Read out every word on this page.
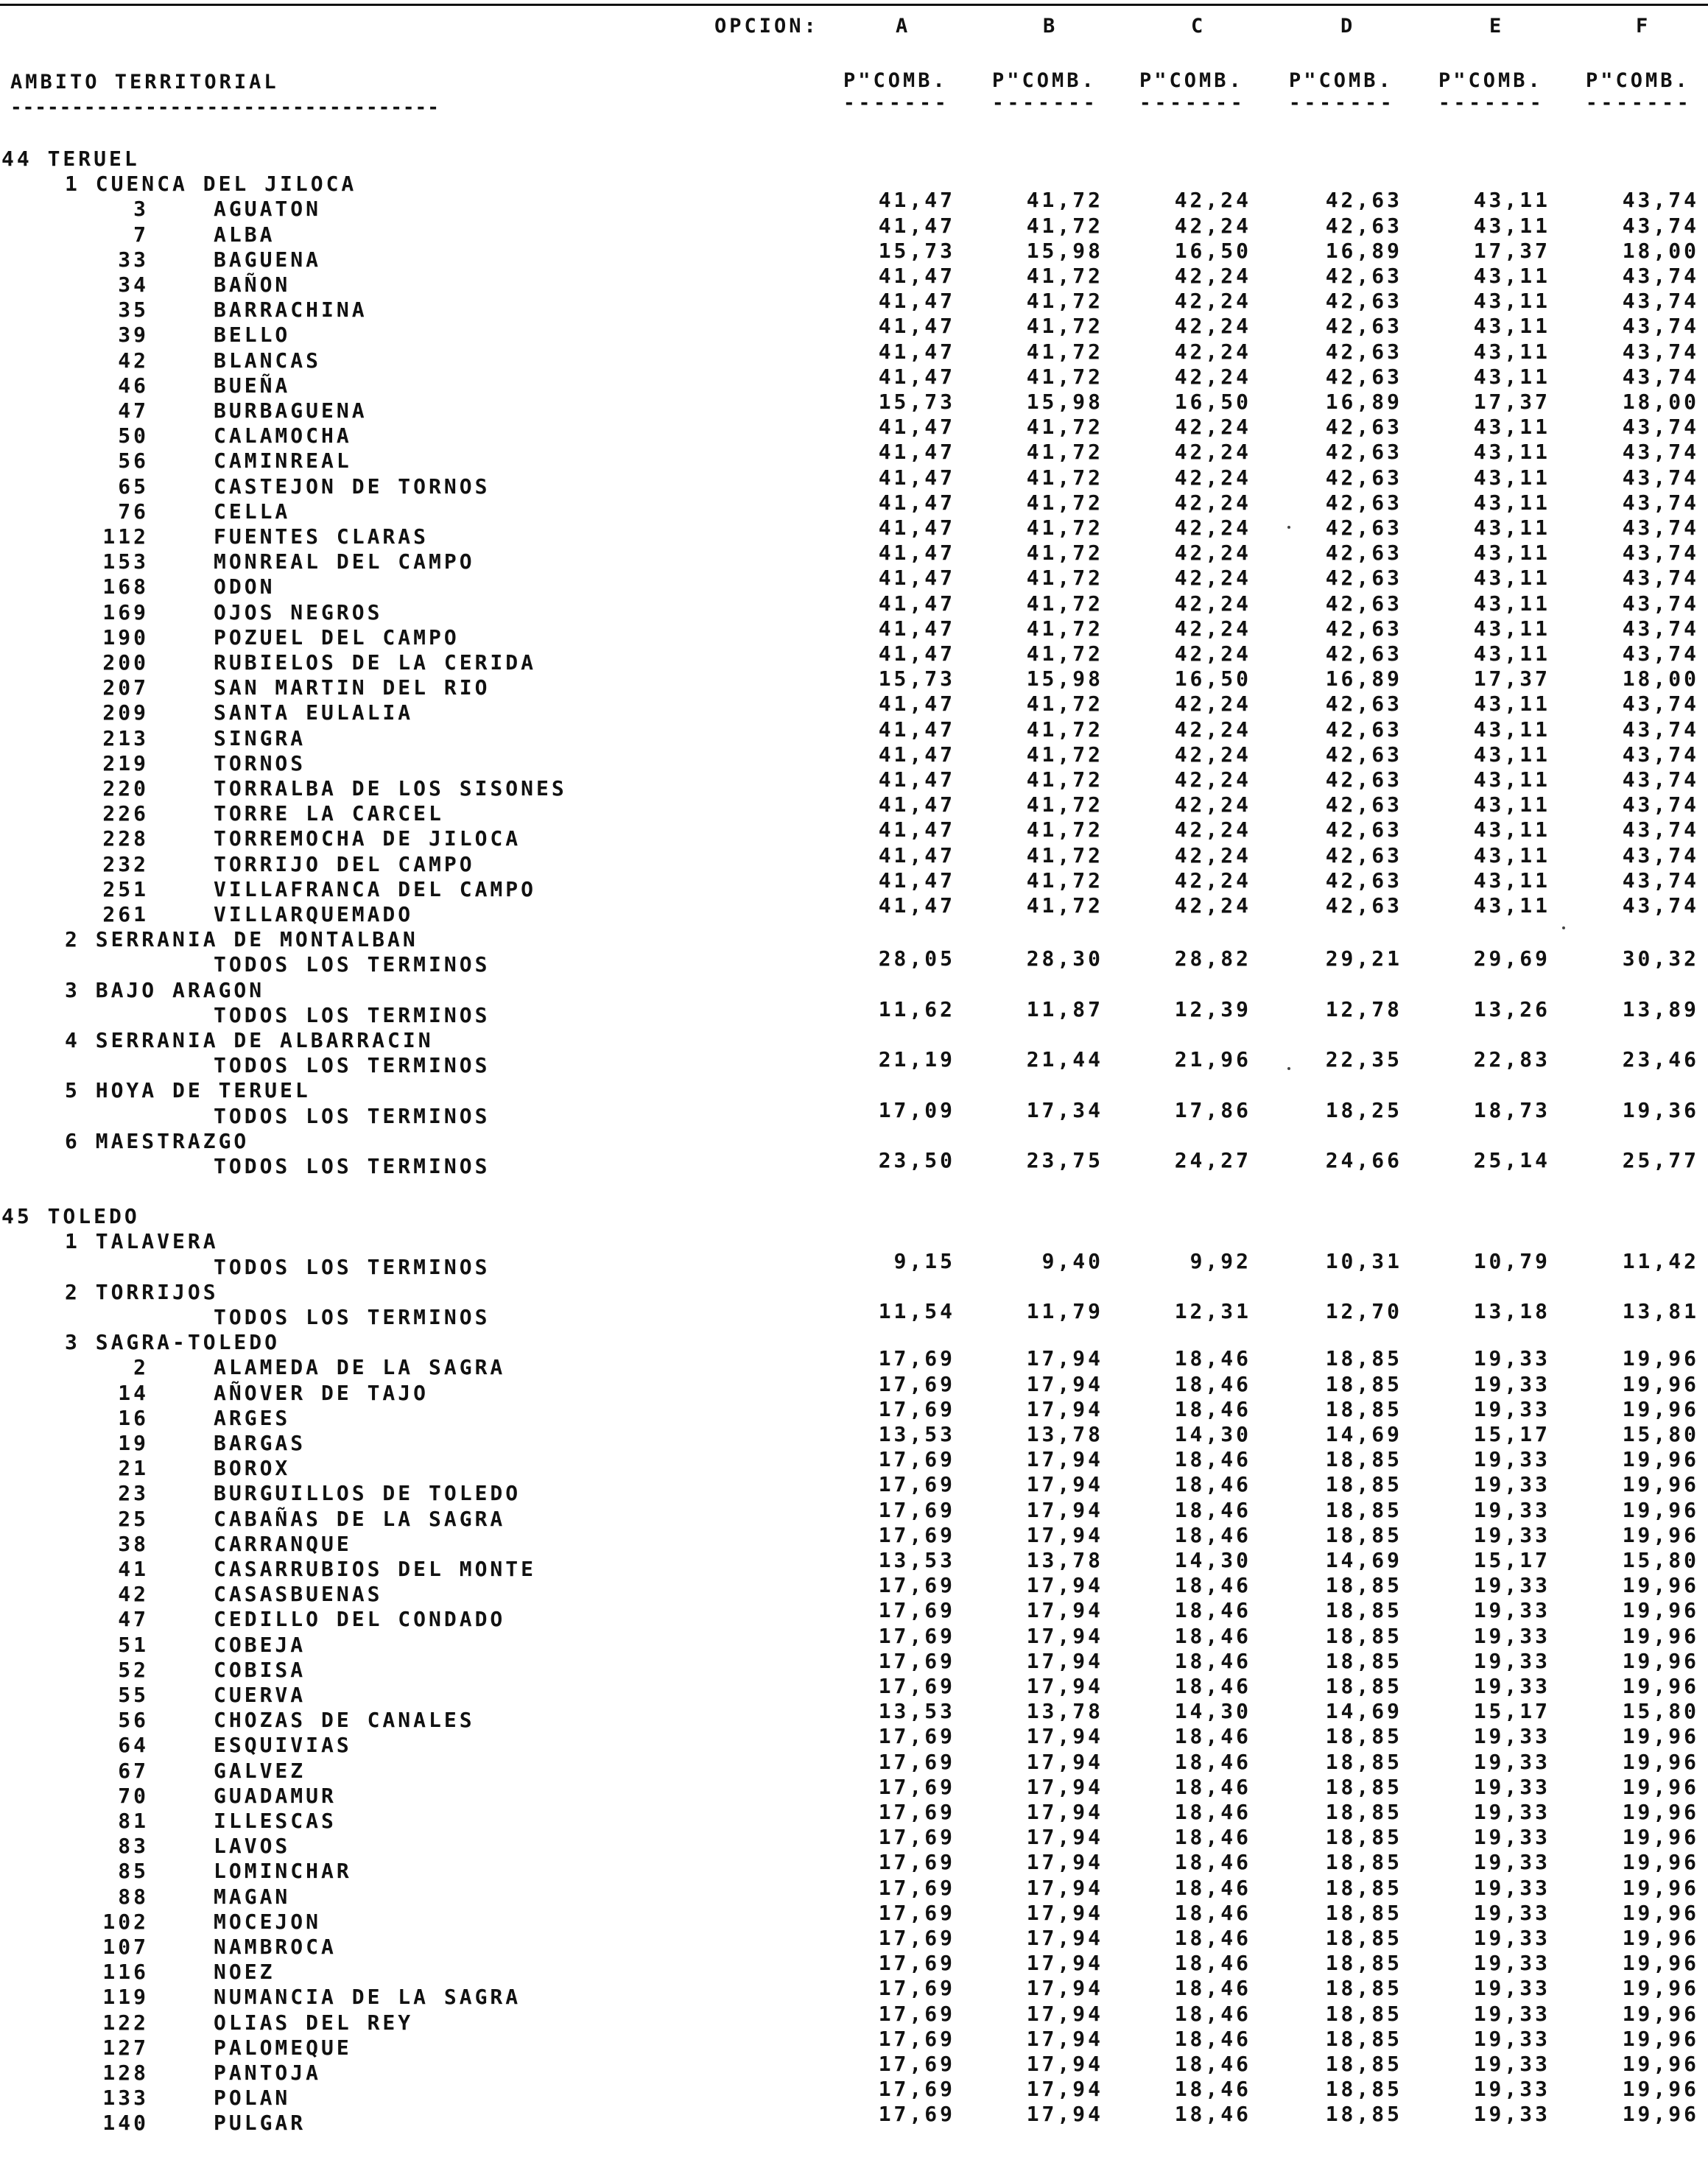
OPCION:	A	B	C	D	E	F
AMBITO TERRITORIAL	P"COMB. P"COMB. P"COMB. P"COMB. P"COMB. P"COMB.
-----------------------------------	------- ------- ------- ------- ------- -------
44 TERUEL
1 CUENCA DEL JILOCA
3	AGUATON	41,47	41,72	42,24	42,63	43,11	43,74
7	ALBA	41,47	41,72	42,24	42,63	43,11	43,74
33	BAGUENA	15,73	15,98	16,50	16,89	17,37	18,00
34	BAÑON	41,47	41,72	42,24	42,63	43,11	43,74
35	BARRACHINA	41,47	41,72	42,24	42,63	43,11	43,74
39	BELLO	41,47	41,72	42,24	42,63	43,11	43,74
42	BLANCAS	41,47	41,72	42,24	42,63	43,11	43,74
46	BUEÑA	41,47	41,72	42,24	42,63	43,11	43,74
47	BURBAGUENA	15,73	15,98	16,50	16,89	17,37	18,00
50	CALAMOCHA	41,47	41,72	42,24	42,63	43,11	43,74
56	CAMINREAL	41,47	41,72	42,24	42,63	43,11	43,74
65	CASTEJON DE TORNOS	41,47	41,72	42,24	42,63	43,11	43,74
76	CELLA	41,47	41,72	42,24	42,63	43,11	43,74
112	FUENTES CLARAS	41,47	41,72	42,24	42,63	43,11	43,74
153	MONREAL DEL CAMPO	41,47	41,72	42,24	42,63	43,11	43,74
168	ODON	41,47	41,72	42,24	42,63	43,11	43,74
169	OJOS NEGROS	41,47	41,72	42,24	42,63	43,11	43,74
190	POZUEL DEL CAMPO	41,47	41,72	42,24	42,63	43,11	43,74
200	RUBIELOS DE LA CERIDA	41,47	41,72	42,24	42,63	43,11	43,74
207	SAN MARTIN DEL RIO	15,73	15,98	16,50	16,89	17,37	18,00
209	SANTA EULALIA	41,47	41,72	42,24	42,63	43,11	43,74
213	SINGRA	41,47	41,72	42,24	42,63	43,11	43,74
219	TORNOS	41,47	41,72	42,24	42,63	43,11	43,74
220	TORRALBA DE LOS SISONES	41,47	41,72	42,24	42,63	43,11	43,74
226	TORRE LA CARCEL	41,47	41,72	42,24	42,63	43,11	43,74
228	TORREMOCHA DE JILOCA	41,47	41,72	42,24	42,63	43,11	43,74
232	TORRIJO DEL CAMPO	41,47	41,72	42,24	42,63	43,11	43,74
251	VILLAFRANCA DEL CAMPO	41,47	41,72	42,24	42,63	43,11	43,74
261	VILLARQUEMADO	41,47	41,72	42,24	42,63	43,11	43,74
2 SERRANIA DE MONTALBAN
TODOS LOS TERMINOS	28,05	28,30	28,82	29,21	29,69	30,32
3 BAJO ARAGON
TODOS LOS TERMINOS	11,62	11,87	12,39	12,78	13,26	13,89
4 SERRANIA DE ALBARRACIN
TODOS LOS TERMINOS	21,19	21,44	21,96	22,35	22,83	23,46
5 HOYA DE TERUEL
TODOS LOS TERMINOS	17,09	17,34	17,86	18,25	18,73	19,36
6 MAESTRAZGO
TODOS LOS TERMINOS	23,50	23,75	24,27	24,66	25,14	25,77
45 TOLEDO
1 TALAVERA
TODOS LOS TERMINOS	9,15	9,40	9,92	10,31	10,79	11,42
2 TORRIJOS
TODOS LOS TERMINOS	11,54	11,79	12,31	12,70	13,18	13,81
3 SAGRA-TOLEDO
2	ALAMEDA DE LA SAGRA	17,69	17,94	18,46	18,85	19,33	19,96
14	AÑOVER DE TAJO	17,69	17,94	18,46	18,85	19,33	19,96
16	ARGES	17,69	17,94	18,46	18,85	19,33	19,96
19	BARGAS	13,53	13,78	14,30	14,69	15,17	15,80
21	BOROX	17,69	17,94	18,46	18,85	19,33	19,96
23	BURGUILLOS DE TOLEDO	17,69	17,94	18,46	18,85	19,33	19,96
25	CABAÑAS DE LA SAGRA	17,69	17,94	18,46	18,85	19,33	19,96
38	CARRANQUE	17,69	17,94	18,46	18,85	19,33	19,96
41	CASARRUBIOS DEL MONTE	13,53	13,78	14,30	14,69	15,17	15,80
42	CASASBUENAS	17,69	17,94	18,46	18,85	19,33	19,96
47	CEDILLO DEL CONDADO	17,69	17,94	18,46	18,85	19,33	19,96
51	COBEJA	17,69	17,94	18,46	18,85	19,33	19,96
52	COBISA	17,69	17,94	18,46	18,85	19,33	19,96
55	CUERVA	17,69	17,94	18,46	18,85	19,33	19,96
56	CHOZAS DE CANALES	13,53	13,78	14,30	14,69	15,17	15,80
64	ESQUIVIAS	17,69	17,94	18,46	18,85	19,33	19,96
67	GALVEZ	17,69	17,94	18,46	18,85	19,33	19,96
70	GUADAMUR	17,69	17,94	18,46	18,85	19,33	19,96
81	ILLESCAS	17,69	17,94	18,46	18,85	19,33	19,96
83	LAVOS	17,69	17,94	18,46	18,85	19,33	19,96
85	LOMINCHAR	17,69	17,94	18,46	18,85	19,33	19,96
88	MAGAN	17,69	17,94	18,46	18,85	19,33	19,96
102	MOCEJON	17,69	17,94	18,46	18,85	19,33	19,96
107	NAMBROCA	17,69	17,94	18,46	18,85	19,33	19,96
116	NOEZ	17,69	17,94	18,46	18,85	19,33	19,96
119	NUMANCIA DE LA SAGRA	17,69	17,94	18,46	18,85	19,33	19,96
122	OLIAS DEL REY	17,69	17,94	18,46	18,85	19,33	19,96
127	PALOMEQUE	17,69	17,94	18,46	18,85	19,33	19,96
128	PANTOJA	17,69	17,94	18,46	18,85	19,33	19,96
133	POLAN	17,69	17,94	18,46	18,85	19,33	19,96
140	PULGAR	17,69	17,94	18,46	18,85	19,33	19,96
